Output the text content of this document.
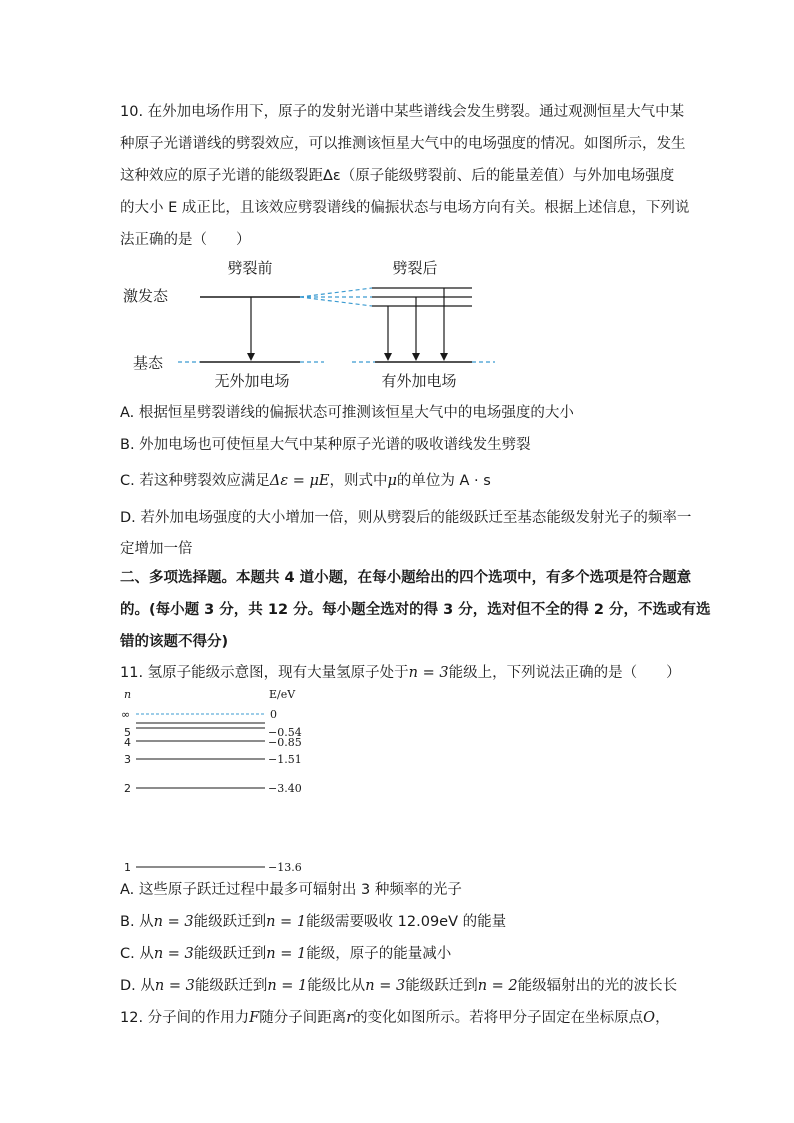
10. 在外加电场作用下，原子的发射光谱中某些谱线会发生劈裂。通过观测恒星大气中某
种原子光谱谱线的劈裂效应，可以推测该恒星大气中的电场强度的情况。如图所示，发生
这种效应的原子光谱的能级裂距Δε（原子能级劈裂前、后的能量差值）与外加电场强度
的大小 E 成正比，且该效应劈裂谱线的偏振状态与电场方向有关。根据上述信息，下列说
法正确的是（　　）
劈裂前	劈裂后
激发态
基态
无外加电场	有外加电场
A. 根据恒星劈裂谱线的偏振状态可推测该恒星大气中的电场强度的大小
B. 外加电场也可使恒星大气中某种原子光谱的吸收谱线发生劈裂
C. 若这种劈裂效应满足Δε = μE，则式中μ的单位为 A · s
D. 若外加电场强度的大小增加一倍，则从劈裂后的能级跃迁至基态能级发射光子的频率一
定增加一倍
二、多项选择题。本题共 4 道小题，在每小题给出的四个选项中，有多个选项是符合题意
的。(每小题 3 分，共 12 分。每小题全选对的得 3 分，选对但不全的得 2 分，不选或有选
错的该题不得分)
11. 氢原子能级示意图，现有大量氢原子处于n = 3能级上，下列说法正确的是（　　）
n	E/eV
∞	0
5	−0.54
4	−0.85
3	−1.51
2	−3.40
1	−13.6
A. 这些原子跃迁过程中最多可辐射出 3 种频率的光子
B. 从n = 3能级跃迁到n = 1能级需要吸收 12.09eV 的能量
C. 从n = 3能级跃迁到n = 1能级，原子的能量减小
D. 从n = 3能级跃迁到n = 1能级比从n = 3能级跃迁到n = 2能级辐射出的光的波长长
12. 分子间的作用力F随分子间距离r的变化如图所示。若将甲分子固定在坐标原点O，
